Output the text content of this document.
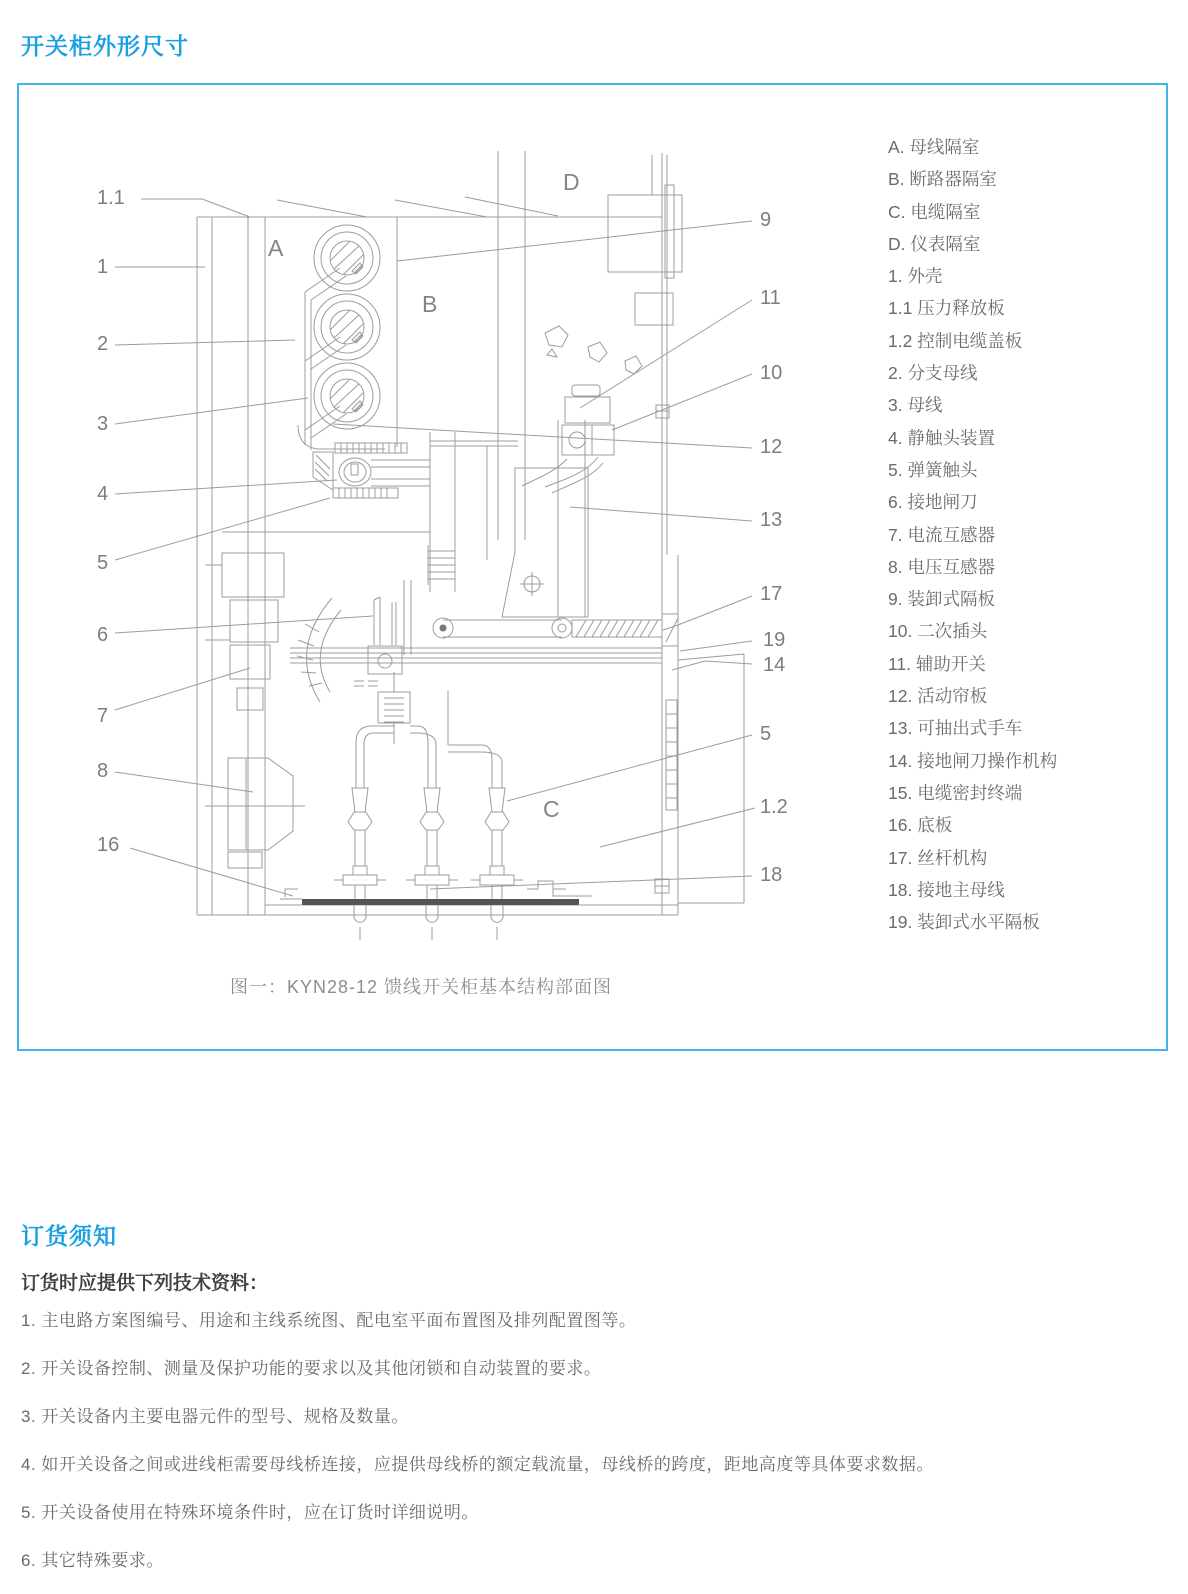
开关柜外形尺寸
1.1
1
2
3
4
5
6
7
8
16
9
11
10
12
13
17
19
14
5
1.2
18
A
B
C
D
A. 母线隔室
B. 断路器隔室
C. 电缆隔室
D. 仪表隔室
1. 外壳
1.1 压力释放板
1.2 控制电缆盖板
2. 分支母线
3. 母线
4. 静触头装置
5. 弹簧触头
6. 接地闸刀
7. 电流互感器
8. 电压互感器
9. 装卸式隔板
10. 二次插头
11. 辅助开关
12. 活动帘板
13. 可抽出式手车
14. 接地闸刀操作机构
15. 电缆密封终端
16. 底板
17. 丝杆机构
18. 接地主母线
19. 装卸式水平隔板
图一：KYN28-12 馈线开关柜基本结构部面图
订货须知

订货时应提供下列技术资料：

1. 主电路方案图编号、用途和主线系统图、配电室平面布置图及排列配置图等。

2. 开关设备控制、测量及保护功能的要求以及其他闭锁和自动装置的要求。

3. 开关设备内主要电器元件的型号、规格及数量。

4. 如开关设备之间或进线柜需要母线桥连接，应提供母线桥的额定载流量，母线桥的跨度，距地高度等具体要求数据。

5. 开关设备使用在特殊环境条件时，应在订货时详细说明。

6. 其它特殊要求。
